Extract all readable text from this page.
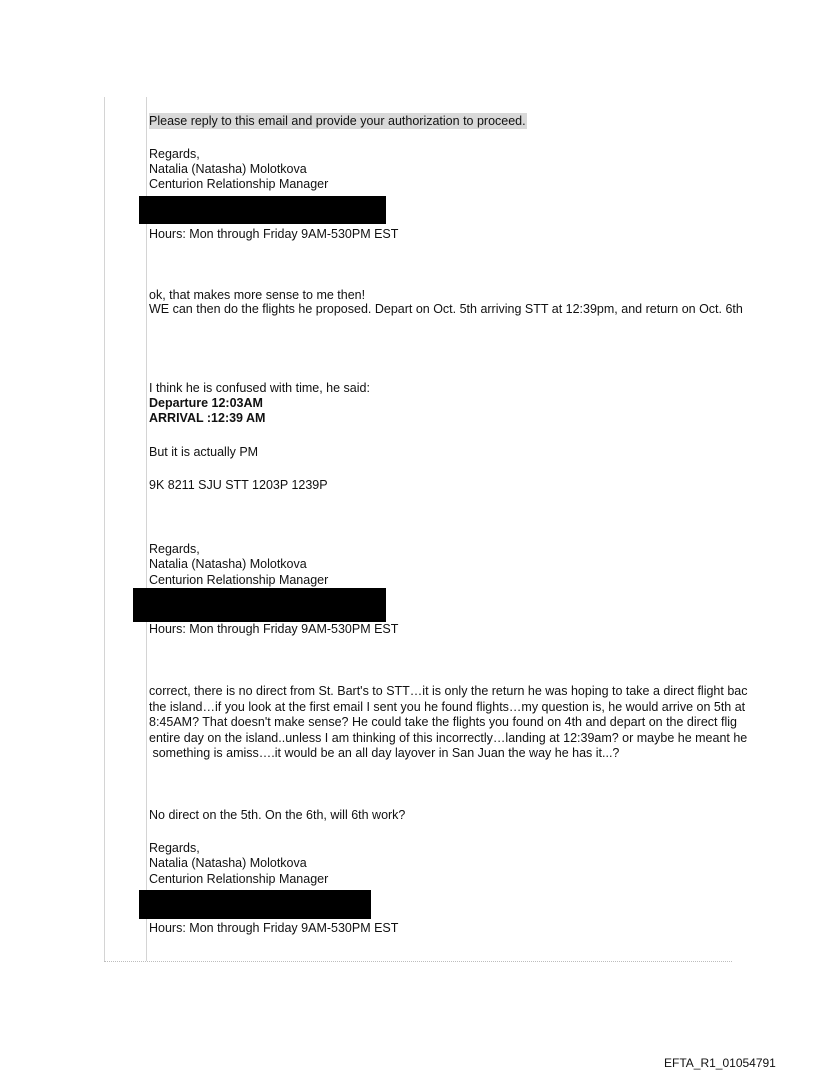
Please reply to this email and provide your authorization to proceed.
Regards,
Natalia (Natasha) Molotkova
Centurion Relationship Manager
Hours: Mon through Friday 9AM-530PM EST
ok, that makes more sense to me then!
WE can then do the flights he proposed. Depart on Oct. 5th arriving STT at 12:39pm, and return on Oct. 6th
I think he is confused with time, he said:
Departure 12:03AM
ARRIVAL :12:39 AM
But it is actually PM
9K 8211 SJU STT 1203P 1239P
Regards,
Natalia (Natasha) Molotkova
Centurion Relationship Manager
Hours: Mon through Friday 9AM-530PM EST
correct, there is no direct from St. Bart's to STT…it is only the return he was hoping to take a direct flight bac
the island…if you look at the first email I sent you he found flights…my question is, he would arrive on 5th at
8:45AM? That doesn't make sense? He could take the flights you found on 4th and depart on the direct flig
entire day on the island..unless I am thinking of this incorrectly…landing at 12:39am? or maybe he meant he
something is amiss….it would be an all day layover in San Juan the way he has it...?
No direct on the 5th. On the 6th, will 6th work?
Regards,
Natalia (Natasha) Molotkova
Centurion Relationship Manager
Hours: Mon through Friday 9AM-530PM EST
EFTA_R1_01054791
